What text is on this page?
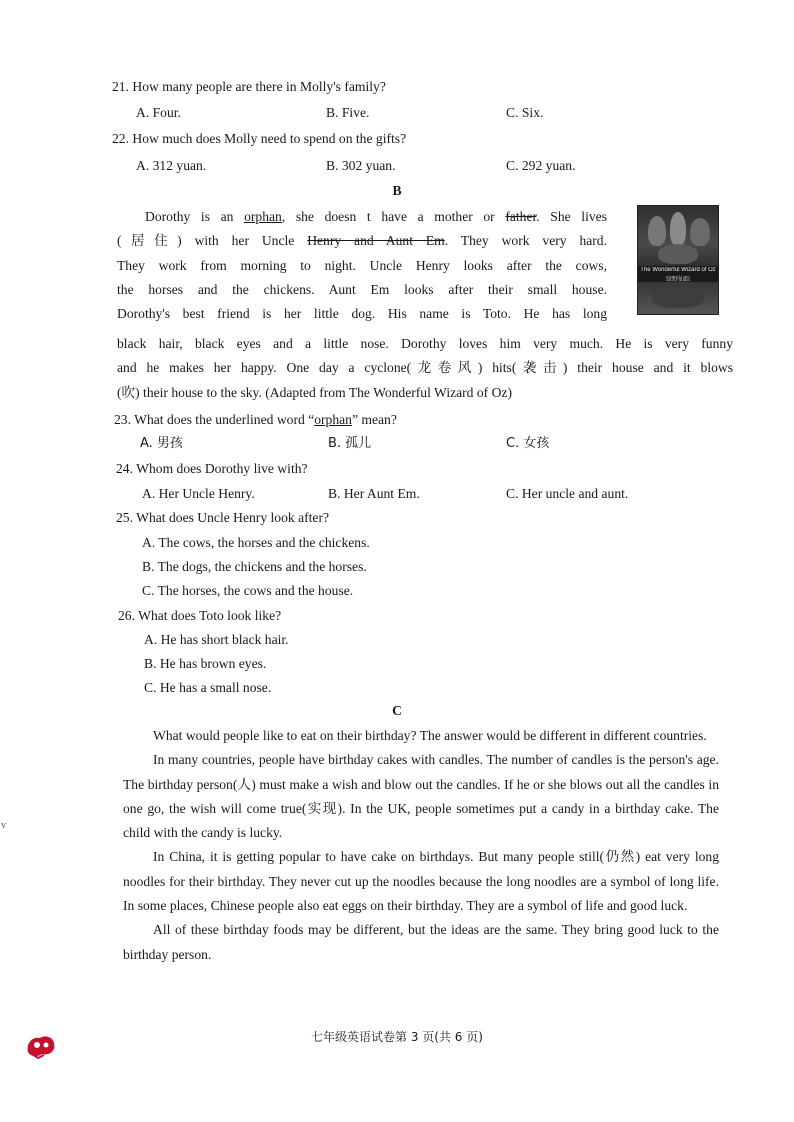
21. How many people are there in Molly's family?
A. Four.	B. Five.	C. Six.
22. How much does Molly need to spend on the gifts?
A. 312 yuan.	B. 302 yuan.	C. 292 yuan.
B

Dorothy is an orphan, she doesn t have a mother or father. She lives

(居住) with her Uncle Henry and Aunt Em. They work very hard.

They work from morning to night. Uncle Henry looks after the cows,

the horses and the chickens. Aunt Em looks after their small house.

Dorothy's best friend is her little dog. His name is Toto. He has long

black hair, black eyes and a little nose. Dorothy loves him very much. He is very funny

and he makes her happy. One day a cyclone(龙卷风) hits(袭击) their house and it blows

(吹) their house to the sky. (Adapted from The Wonderful Wizard of Oz)

The Wonderful Wizard of Oz
绿野仙踪
23. What does the underlined word “orphan” mean?
A. 男孩	B. 孤儿	C. 女孩
24. Whom does Dorothy live with?
A. Her Uncle Henry.	B. Her Aunt Em.	C. Her uncle and aunt.
25. What does Uncle Henry look after?
A. The cows, the horses and the chickens.
B. The dogs, the chickens and the horses.
C. The horses, the cows and the house.
26. What does Toto look like?
A. He has short black hair.
B. He has brown eyes.
C. He has a small nose.
C

What would people like to eat on their birthday? The answer would be different in different countries.

In many countries, people have birthday cakes with candles. The number of candles is the person's age. The birthday person(人) must make a wish and blow out the candles. If he or she blows out all the candles in one go, the wish will come true(实现). In the UK, people sometimes put a candy in a birthday cake. The child with the candy is lucky.

In China, it is getting popular to have cake on birthdays. But many people still(仍然) eat very long noodles for their birthday. They never cut up the noodles because the long noodles are a symbol of long life. In some places, Chinese people also eat eggs on their birthday. They are a symbol of life and good luck.

All of these birthday foods may be different, but the ideas are the same. They bring good luck to the birthday person.

v
七年级英语试卷第 3 页(共 6 页)
